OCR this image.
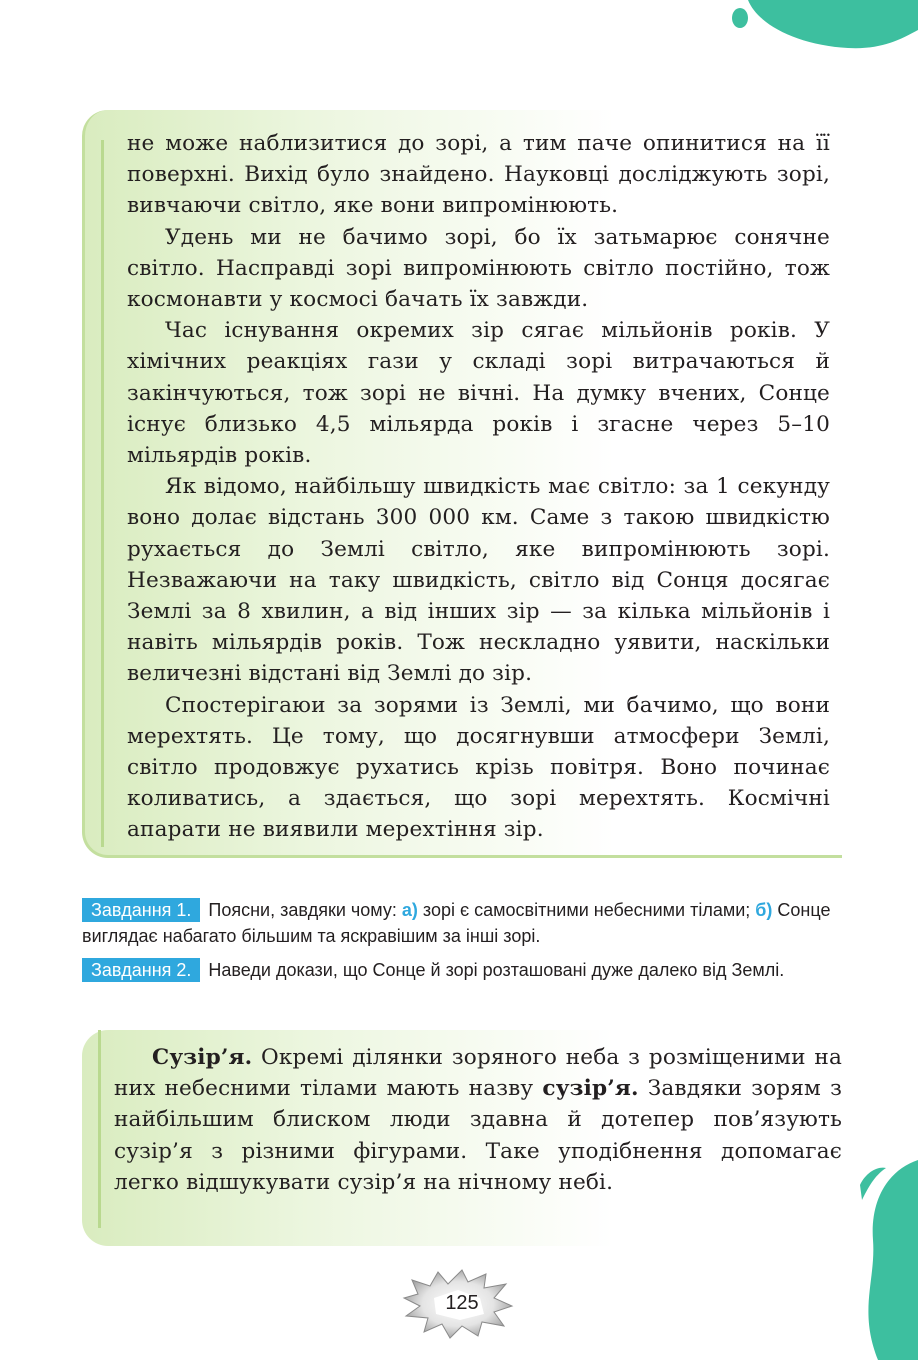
не може наблизитися до зорі, а тим паче опинитися на її поверхні. Вихід було знайдено. Науковці досліджують зорі, вивчаючи світло, яке вони випромінюють.

Удень ми не бачимо зорі, бо їх затьмарює сонячне світло. Насправді зорі випромінюють світло постійно, тож космонавти у космосі бачать їх завжди.

Час існування окремих зір сягає мільйонів років. У хімічних реакціях гази у складі зорі витрачаються й закінчуються, тож зорі не вічні. На думку вчених, Сонце існує близько 4,5 мільярда років і згасне через 5–10 мільярдів років.

Як відомо, найбільшу швидкість має світло: за 1 секунду воно долає відстань 300 000 км. Саме з такою швидкістю рухається до Землі світло, яке випромінюють зорі. Незважаючи на таку швидкість, світло від Сонця досягає Землі за 8 хвилин, а від інших зір — за кілька мільйонів і навіть мільярдів років. Тож нескладно уявити, наскільки величезні відстані від Землі до зір.

Спостерігаюи за зорями із Землі, ми бачимо, що вони мерехтять. Це тому, що досягнувши атмосфери Землі, світло продовжує рухатись крізь повітря. Воно починає коливатись, а здається, що зорі мерехтять. Космічні апарати не виявили мерехтіння зір.

Завдання 1. Поясни, завдяки чому: а) зорі є самосвітними небесними тілами; б) Сонце виглядає набагато більшим та яскравішим за інші зорі.

Завдання 2. Наведи докази, що Сонце й зорі розташовані дуже далеко від Землі.

Сузір’я. Окремі ділянки зоряного неба з розміщеними на них небесними тілами мають назву сузір’я. Завдяки зорям з найбільшим блиском люди здавна й дотепер пов’язують сузір’я з різними фігурами. Таке уподібнення допомагає легко відшукувати сузір’я на нічному небі.

125
